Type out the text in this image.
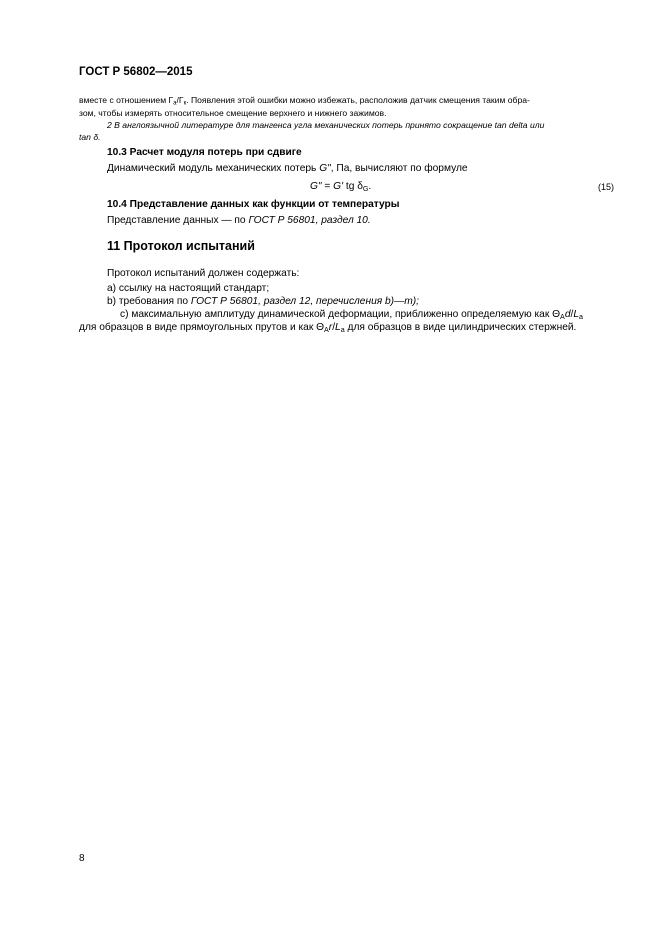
ГОСТ Р 56802—2015
вместе с отношением $Г_а/Г_к$. Появления этой ошибки можно избежать, расположив датчик смещения таким обра-
зом, чтобы измерять относительное смещение верхнего и нижнего зажимов.
2 В англоязычной литературе для тангенса угла механических потерь принято сокращение tan delta или
tan δ.
10.3 Расчет модуля потерь при сдвиге
Динамический модуль механических потерь G", Па, вычисляют по формуле
G" = G' tg $\delta_G$.	(15)
10.4 Представление данных как функции от температуры
Представление данных — по ГОСТ Р 56801, раздел 10.
11 Протокол испытаний
Протокол испытаний должен содержать:
a) ссылку на настоящий стандарт;
b) требования по ГОСТ Р 56801, раздел 12, перечисления b)—m);
c) максимальную амплитуду динамической деформации, приближенно определяемую как $\Theta_Ad/L_a$
для образцов в виде прямоугольных прутов и как $\Theta_Ar/L_a$ для образцов в виде цилиндрических стержней.
8
